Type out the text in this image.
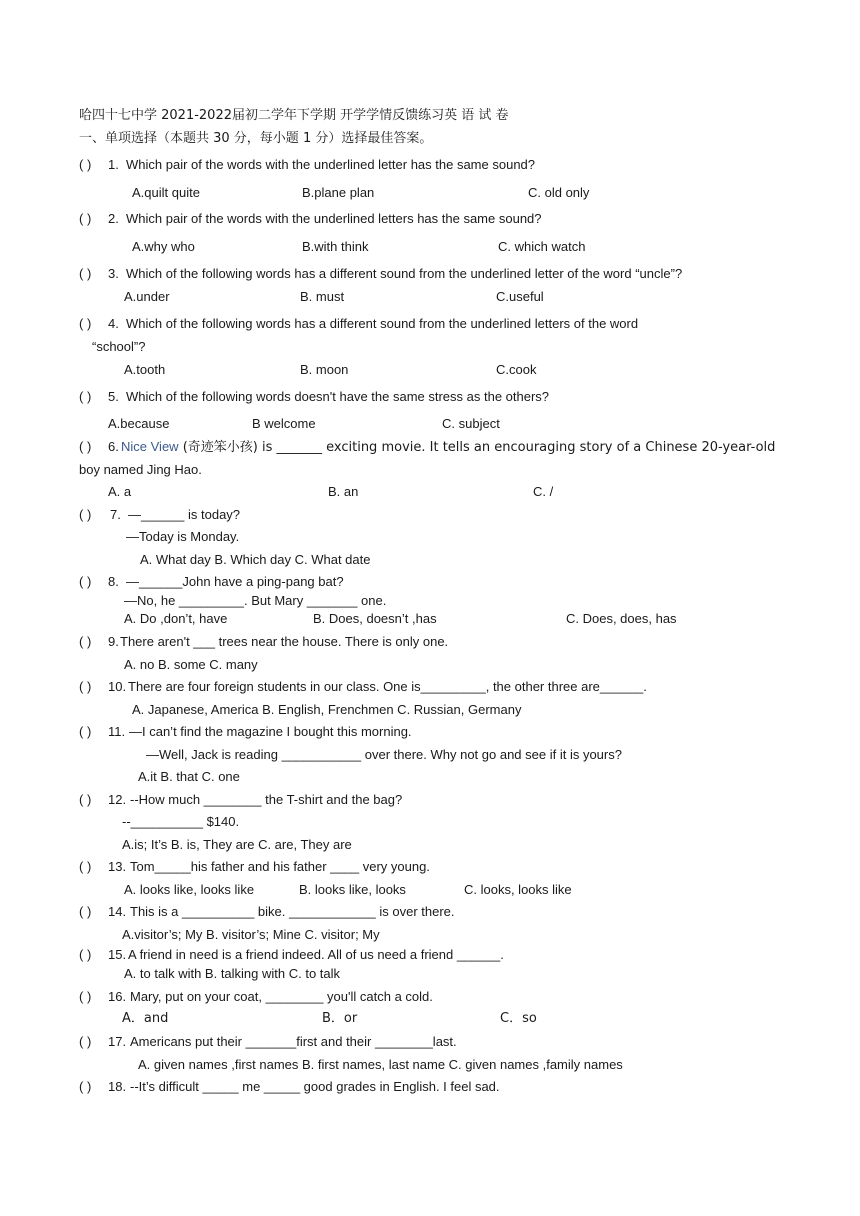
哈四十七中学 2021-2022届初二学年下学期 开学学情反馈练习英 语 试 卷
一、单项选择（本题共 30 分，每小题 1 分）选择最佳答案。
( ) 1. Which pair of the words with the underlined letter has the same sound?
A.quilt quite	B.plane plan	C. old only
( ) 2. Which pair of the words with the underlined letters has the same sound?
A.why who	B.with think	C. which watch
( ) 3. Which of the following words has a different sound from the underlined letter of the word “uncle”?
A.under	B. must	C.useful
( ) 4. Which of the following words has a different sound from the underlined letters of the word
“school”?
A.tooth	B. moon	C.cook
( ) 5. Which of the following words doesn't have the same stress as the others?
A.because	B welcome	C. subject
( ) 6. Nice View (奇迹笨小孩) is _______ exciting movie. It tells an encouraging story of a Chinese 20-year-old
boy named Jing Hao.
A. a	B. an	C. /
( ) 7. —______ is today?
—Today is Monday.
A. What day B. Which day C. What date
( ) 8. —______John have a ping-pang bat?
—No, he _________. But Mary _______ one.
A. Do ,don’t, have	B. Does, doesn’t ,has	C. Does, does, has
( ) 9. There aren't ___ trees near the house. There is only one.
A. no B. some C. many
( ) 10. There are four foreign students in our class. One is_________, the other three are______.
A. Japanese, America B. English, Frenchmen C. Russian, Germany
( ) 11. —I can’t find the magazine I bought this morning.
—Well, Jack is reading ___________ over there. Why not go and see if it is yours?
A.it B. that C. one
( ) 12. --How much ________ the T-shirt and the bag?
--__________ $140.
A.is; It’s B. is, They are C. are, They are
( ) 13. Tom_____his father and his father ____ very young.
A. looks like, looks like	B. looks like, looks	C. looks, looks like
( ) 14. This is a __________ bike. ____________ is over there.
A.visitor’s; My B. visitor’s; Mine C. visitor; My
( ) 15. A friend in need is a friend indeed. All of us need a friend ______.
A. to talk with B. talking with C. to talk
( ) 16. Mary, put on your coat, ________ you'll catch a cold.
A．and	B．or	C．so
( ) 17. Americans put their _______first and their ________last.
A. given names ,first names B. first names, last name C. given names ,family names
( ) 18. --It’s difficult _____ me _____ good grades in English. I feel sad.
